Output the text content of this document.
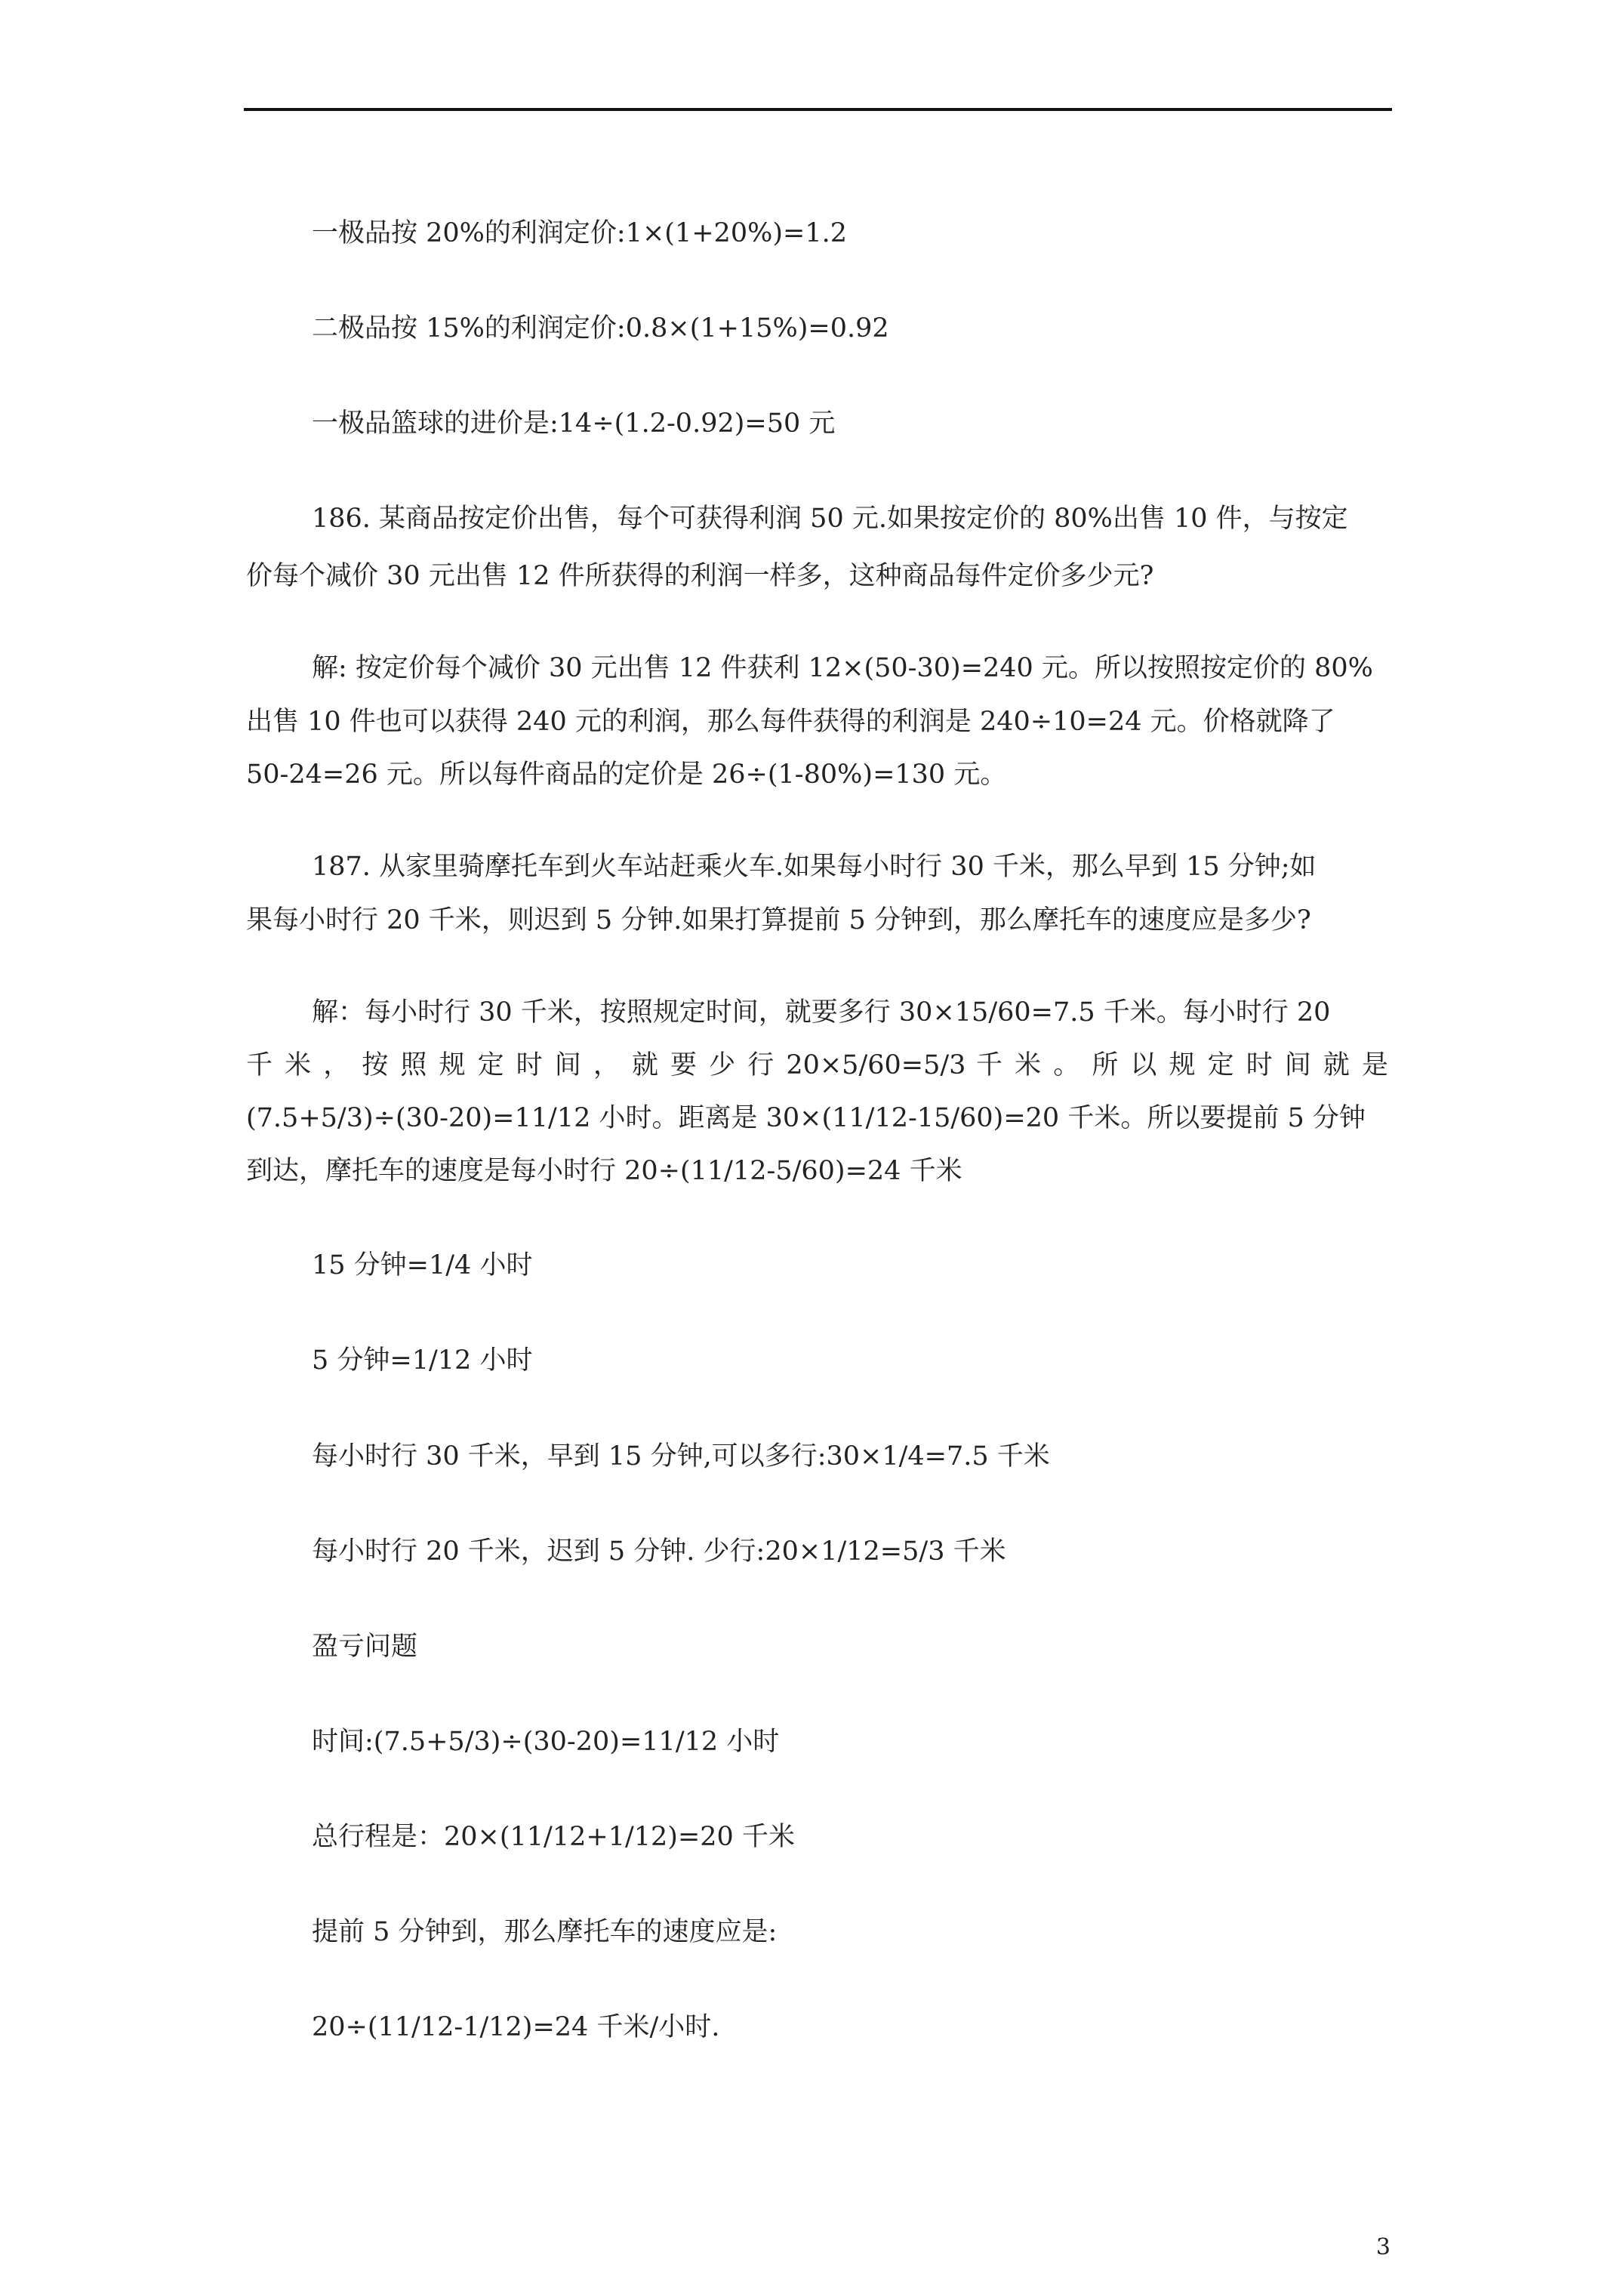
一极品按 20%的利润定价:1×(1+20%)=1.2
二极品按 15%的利润定价:0.8×(1+15%)=0.92
一极品篮球的进价是:14÷(1.2-0.92)=50 元
186. 某商品按定价出售，每个可获得利润 50 元.如果按定价的 80%出售 10 件，与按定
价每个减价 30 元出售 12 件所获得的利润一样多，这种商品每件定价多少元?
解: 按定价每个减价 30 元出售 12 件获利 12×(50-30)=240 元。所以按照按定价的 80%
出售 10 件也可以获得 240 元的利润，那么每件获得的利润是 240÷10=24 元。价格就降了
50-24=26 元。所以每件商品的定价是 26÷(1-80%)=130 元。
187. 从家里骑摩托车到火车站赶乘火车.如果每小时行 30 千米，那么早到 15 分钟;如
果每小时行 20 千米，则迟到 5 分钟.如果打算提前 5 分钟到，那么摩托车的速度应是多少?
解：每小时行 30 千米，按照规定时间，就要多行 30×15/60=7.5 千米。每小时行 20
千 米 ， 按 照 规 定 时 间 ， 就 要 少 行 20×5/60=5/3 千 米 。 所 以 规 定 时 间 就 是
(7.5+5/3)÷(30-20)=11/12 小时。距离是 30×(11/12-15/60)=20 千米。所以要提前 5 分钟
到达，摩托车的速度是每小时行 20÷(11/12-5/60)=24 千米
15 分钟=1/4 小时
5 分钟=1/12 小时
每小时行 30 千米，早到 15 分钟,可以多行:30×1/4=7.5 千米
每小时行 20 千米，迟到 5 分钟. 少行:20×1/12=5/3 千米
盈亏问题
时间:(7.5+5/3)÷(30-20)=11/12 小时
总行程是：20×(11/12+1/12)=20 千米
提前 5 分钟到，那么摩托车的速度应是:
20÷(11/12-1/12)=24 千米/小时.
3
